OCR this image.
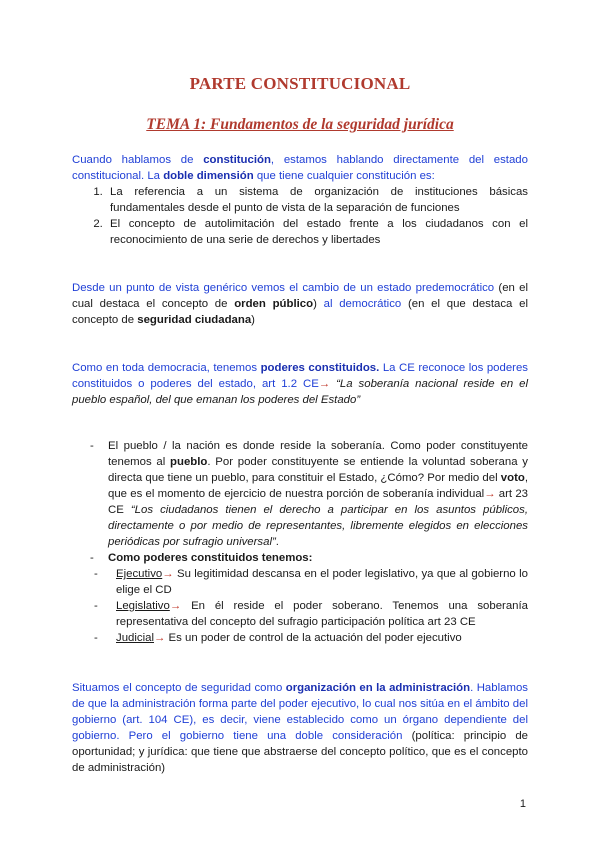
PARTE CONSTITUCIONAL
TEMA 1: Fundamentos de la seguridad jurídica

Cuando hablamos de constitución, estamos hablando directamente del estado constitucional. La doble dimensión que tiene cualquier constitución es:

1. La referencia a un sistema de organización de instituciones básicas fundamentales desde el punto de vista de la separación de funciones
2. El concepto de autolimitación del estado frente a los ciudadanos con el reconocimiento de una serie de derechos y libertades

Desde un punto de vista genérico vemos el cambio de un estado predemocrático (en el cual destaca el concepto de orden público) al democrático (en el que destaca el concepto de seguridad ciudadana)

Como en toda democracia, tenemos poderes constituidos. La CE reconoce los poderes constituidos o poderes del estado, art 1.2 CE→ “La soberanía nacional reside en el pueblo español, del que emanan los poderes del Estado”

- El pueblo / la nación es donde reside la soberanía. Como poder constituyente tenemos al pueblo. Por poder constituyente se entiende la voluntad soberana y directa que tiene un pueblo, para constituir el Estado, ¿Cómo? Por medio del voto, que es el momento de ejercicio de nuestra porción de soberanía individual→ art 23 CE “Los ciudadanos tienen el derecho a participar en los asuntos públicos, directamente o por medio de representantes, libremente elegidos en elecciones periódicas por sufragio universal”.
- Como poderes constituidos tenemos:
- Ejecutivo→ Su legitimidad descansa en el poder legislativo, ya que al gobierno lo elige el CD
- Legislativo→ En él reside el poder soberano. Tenemos una soberanía representativa del concepto del sufragio participación política art 23 CE
- Judicial→ Es un poder de control de la actuación del poder ejecutivo

Situamos el concepto de seguridad como organización en la administración. Hablamos de que la administración forma parte del poder ejecutivo, lo cual nos sitúa en el ámbito del gobierno (art. 104 CE), es decir, viene establecido como un órgano dependiente del gobierno. Pero el gobierno tiene una doble consideración (política: principio de oportunidad; y jurídica: que tiene que abstraerse del concepto político, que es el concepto de administración)

1
